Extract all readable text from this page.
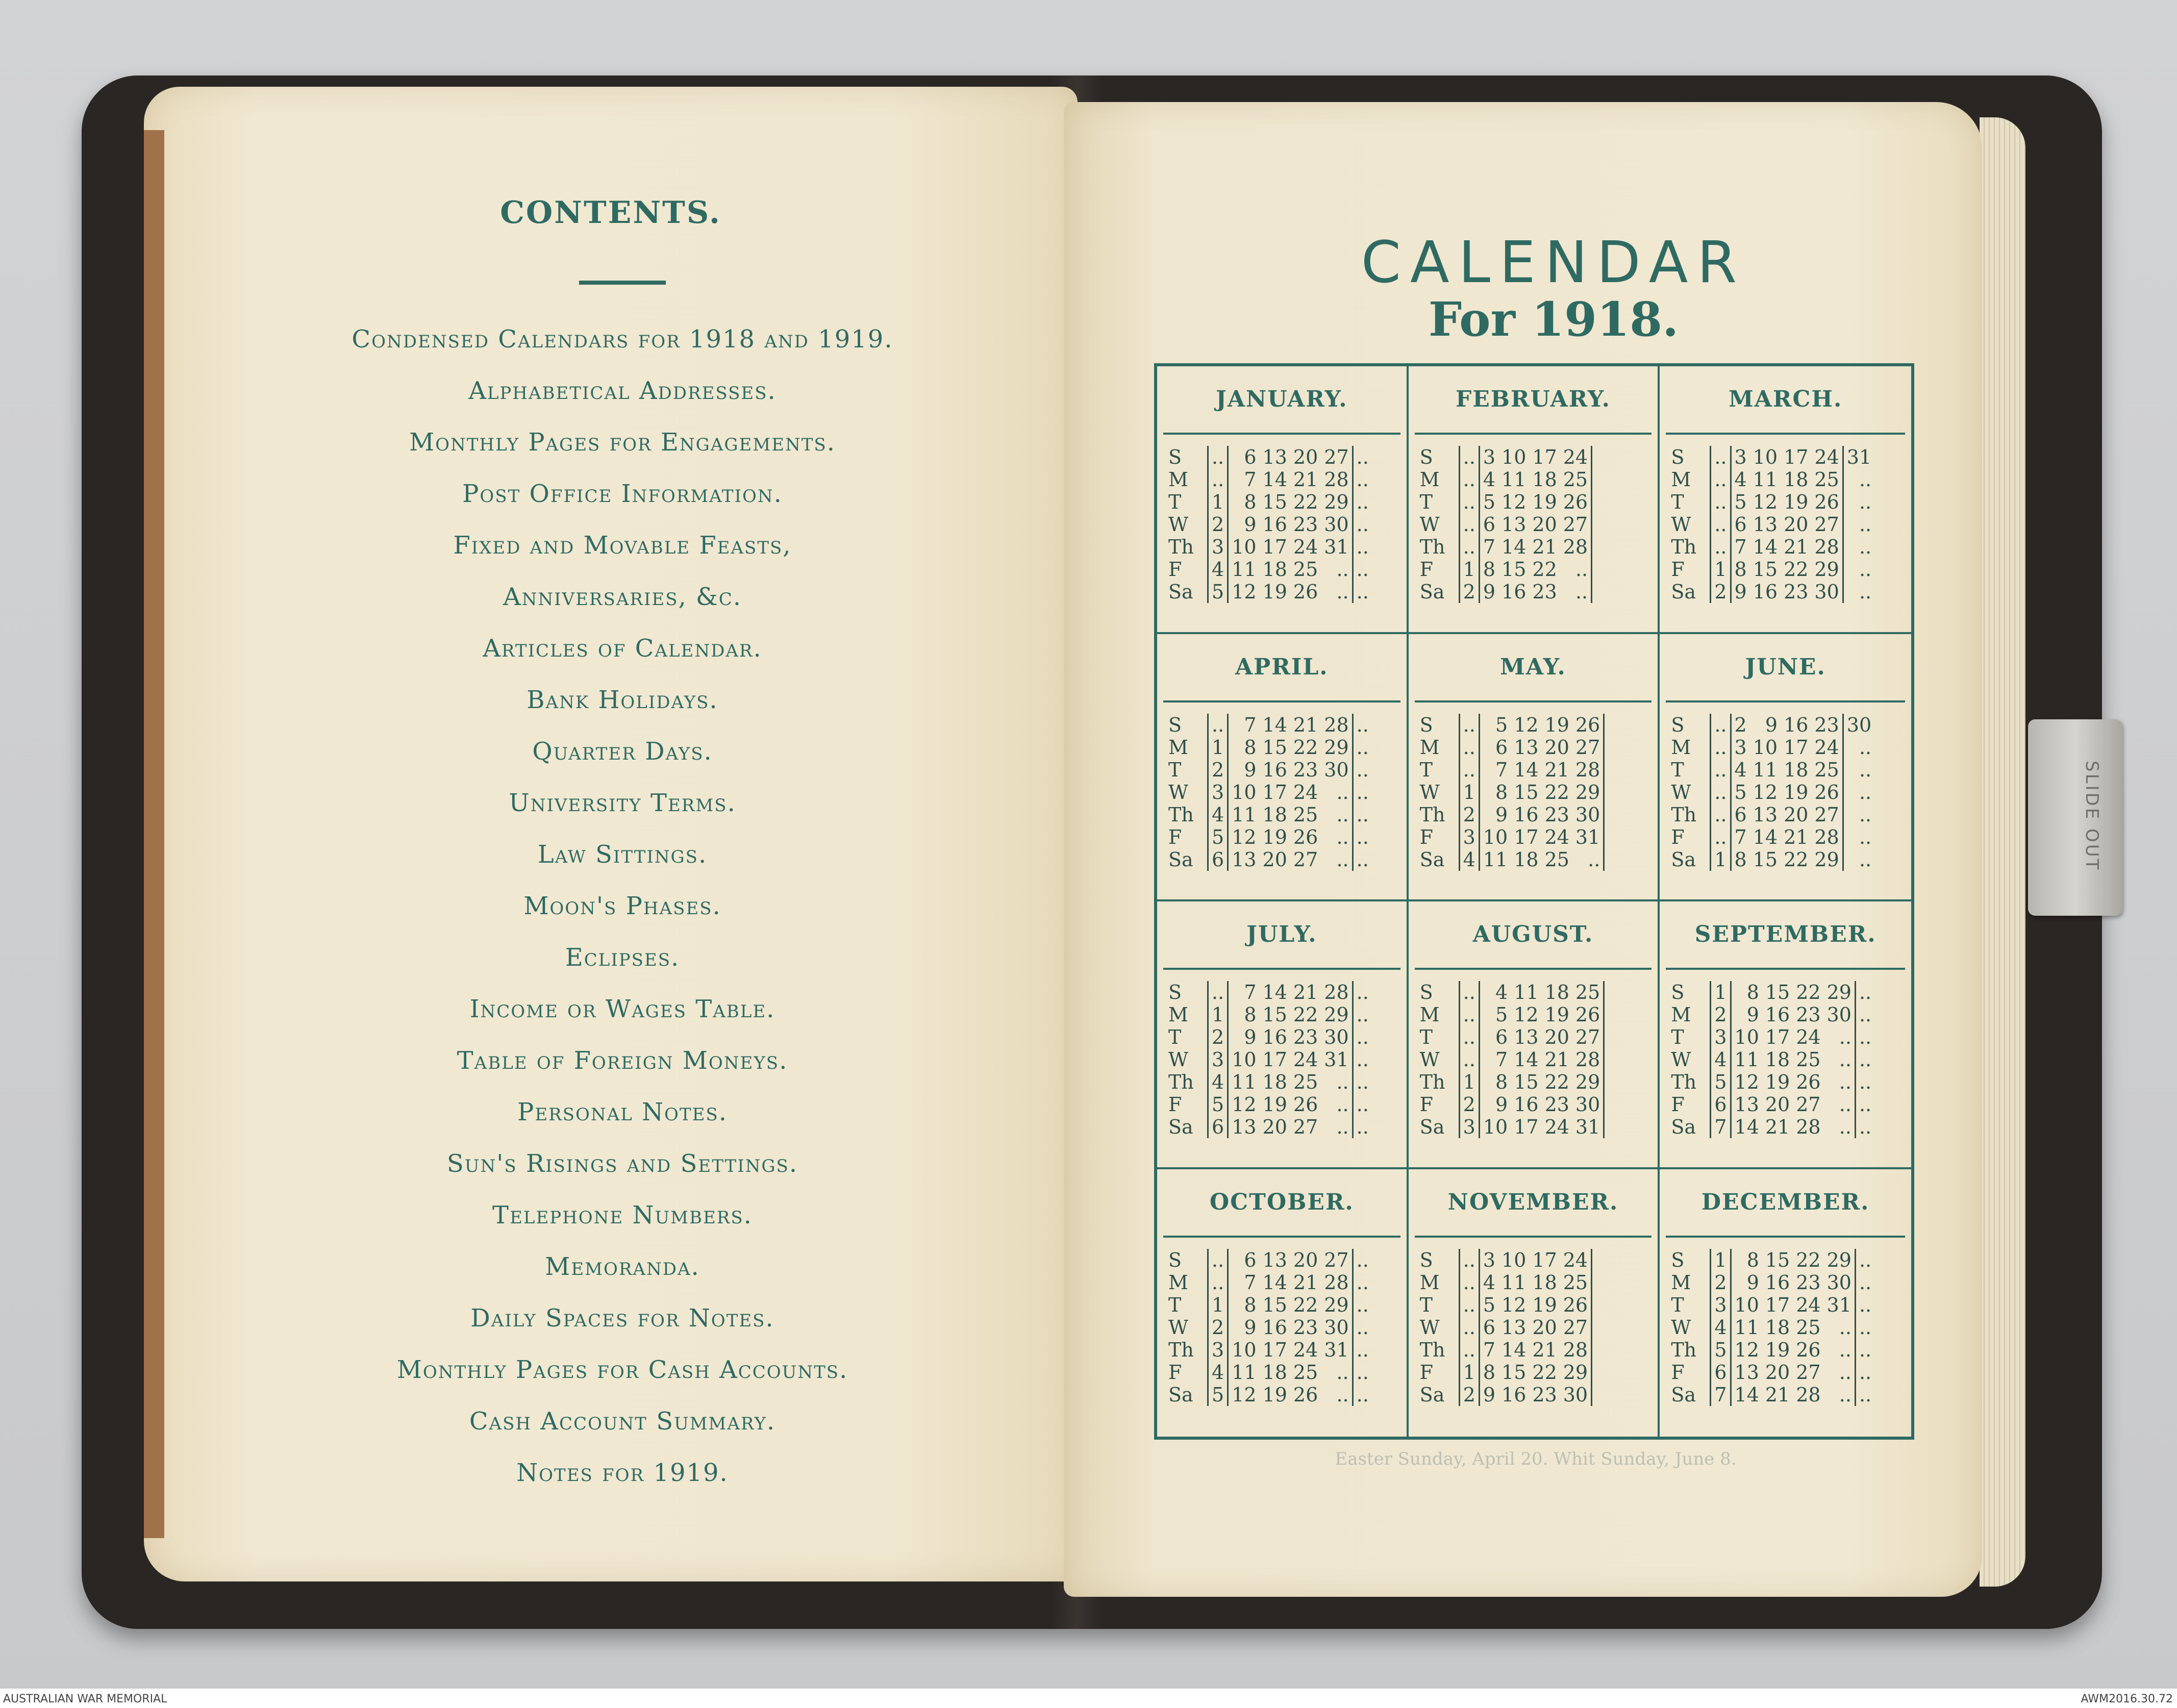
CONTENTS.
Condensed Calendars for 1918 and 1919.
Alphabetical Addresses.
Monthly Pages for Engagements.
Post Office Information.
Fixed and Movable Feasts,
Anniversaries, &c.
Articles of Calendar.
Bank Holidays.
Quarter Days.
University Terms.
Law Sittings.
Moon's Phases.
Eclipses.
Income or Wages Table.
Table of Foreign Moneys.
Personal Notes.
Sun's Risings and Settings.
Telephone Numbers.
Memoranda.
Daily Spaces for Notes.
Monthly Pages for Cash Accounts.
Cash Account Summary.
Notes for 1919.
CALENDAR
For 1918.
JANUARY.
S	..	6	13	20	27	..
M	..	7	14	21	28	..
T	1	8	15	22	29	..
W	2	9	16	23	30	..
Th	3	10	17	24	31	..
F	4	11	18	25	..	..
Sa	5	12	19	26	..	..
FEBRUARY.
S	..	3	10	17	24	
M	..	4	11	18	25	
T	..	5	12	19	26	
W	..	6	13	20	27	
Th	..	7	14	21	28	
F	1	8	15	22	..	
Sa	2	9	16	23	..	
MARCH.
S	..	3	10	17	24	31
M	..	4	11	18	25	..
T	..	5	12	19	26	..
W	..	6	13	20	27	..
Th	..	7	14	21	28	..
F	1	8	15	22	29	..
Sa	2	9	16	23	30	..
APRIL.
S	..	7	14	21	28	..
M	1	8	15	22	29	..
T	2	9	16	23	30	..
W	3	10	17	24	..	..
Th	4	11	18	25	..	..
F	5	12	19	26	..	..
Sa	6	13	20	27	..	..
MAY.
S	..	5	12	19	26	
M	..	6	13	20	27	
T	..	7	14	21	28	
W	1	8	15	22	29	
Th	2	9	16	23	30	
F	3	10	17	24	31	
Sa	4	11	18	25	..	
JUNE.
S	..	2	9	16	23	30
M	..	3	10	17	24	..
T	..	4	11	18	25	..
W	..	5	12	19	26	..
Th	..	6	13	20	27	..
F	..	7	14	21	28	..
Sa	1	8	15	22	29	..
JULY.
S	..	7	14	21	28	..
M	1	8	15	22	29	..
T	2	9	16	23	30	..
W	3	10	17	24	31	..
Th	4	11	18	25	..	..
F	5	12	19	26	..	..
Sa	6	13	20	27	..	..
AUGUST.
S	..	4	11	18	25	
M	..	5	12	19	26	
T	..	6	13	20	27	
W	..	7	14	21	28	
Th	1	8	15	22	29	
F	2	9	16	23	30	
Sa	3	10	17	24	31	
SEPTEMBER.
S	1	8	15	22	29	..
M	2	9	16	23	30	..
T	3	10	17	24	..	..
W	4	11	18	25	..	..
Th	5	12	19	26	..	..
F	6	13	20	27	..	..
Sa	7	14	21	28	..	..
OCTOBER.
S	..	6	13	20	27	..
M	..	7	14	21	28	..
T	1	8	15	22	29	..
W	2	9	16	23	30	..
Th	3	10	17	24	31	..
F	4	11	18	25	..	..
Sa	5	12	19	26	..	..
NOVEMBER.
S	..	3	10	17	24	
M	..	4	11	18	25	
T	..	5	12	19	26	
W	..	6	13	20	27	
Th	..	7	14	21	28	
F	1	8	15	22	29	
Sa	2	9	16	23	30	
DECEMBER.
S	1	8	15	22	29	..
M	2	9	16	23	30	..
T	3	10	17	24	31	..
W	4	11	18	25	..	..
Th	5	12	19	26	..	..
F	6	13	20	27	..	..
Sa	7	14	21	28	..	..
Easter Sunday, April 20. Whit Sunday, June 8.
SLIDE OUT
AUSTRALIAN WAR MEMORIAL	AWM2016.30.72
